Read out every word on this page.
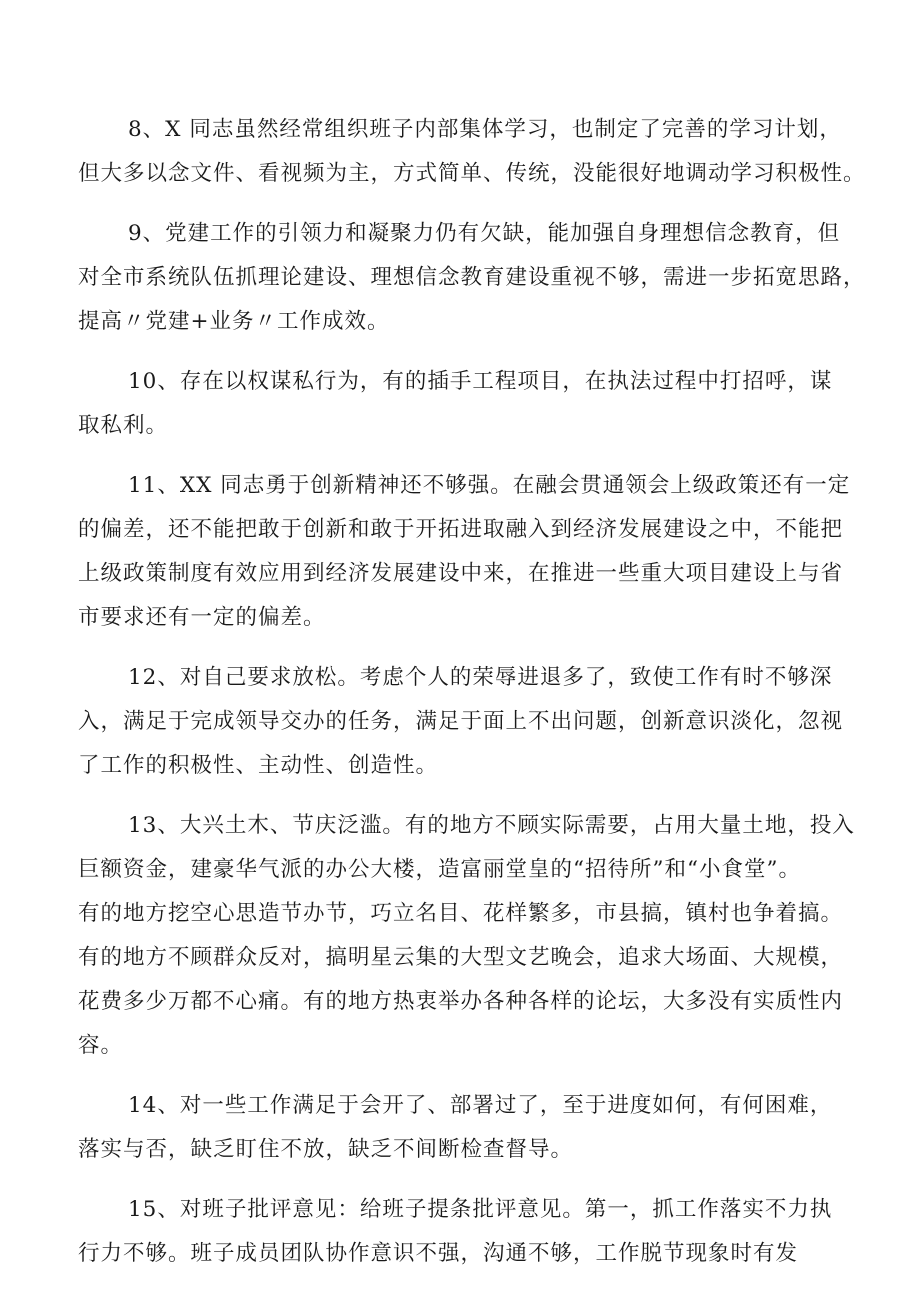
8、X 同志虽然经常组织班子内部集体学习，也制定了完善的学习计划，
但大多以念文件、看视频为主，方式简单、传统，没能很好地调动学习积极性。

9、党建工作的引领力和凝聚力仍有欠缺，能加强自身理想信念教育，但
对全市系统队伍抓理论建设、理想信念教育建设重视不够，需进一步拓宽思路，
提高〃党建+业务〃工作成效。

10、存在以权谋私行为，有的插手工程项目，在执法过程中打招呼，谋
取私利。

11、XX 同志勇于创新精神还不够强。在融会贯通领会上级政策还有一定
的偏差，还不能把敢于创新和敢于开拓进取融入到经济发展建设之中，不能把
上级政策制度有效应用到经济发展建设中来，在推进一些重大项目建设上与省
市要求还有一定的偏差。

12、对自己要求放松。考虑个人的荣辱进退多了，致使工作有时不够深
入，满足于完成领导交办的任务，满足于面上不出问题，创新意识淡化，忽视
了工作的积极性、主动性、创造性。

13、大兴土木、节庆泛滥。有的地方不顾实际需要，占用大量土地，投入
巨额资金，建豪华气派的办公大楼，造富丽堂皇的“招待所”和“小食堂”。
有的地方挖空心思造节办节，巧立名目、花样繁多，市县搞，镇村也争着搞。
有的地方不顾群众反对，搞明星云集的大型文艺晚会，追求大场面、大规模，
花费多少万都不心痛。有的地方热衷举办各种各样的论坛，大多没有实质性内
容。

14、对一些工作满足于会开了、部署过了，至于进度如何，有何困难，
落实与否，缺乏盯住不放，缺乏不间断检查督导。

15、对班子批评意见：给班子提条批评意见。第一，抓工作落实不力执
行力不够。班子成员团队协作意识不强，沟通不够，工作脱节现象时有发
